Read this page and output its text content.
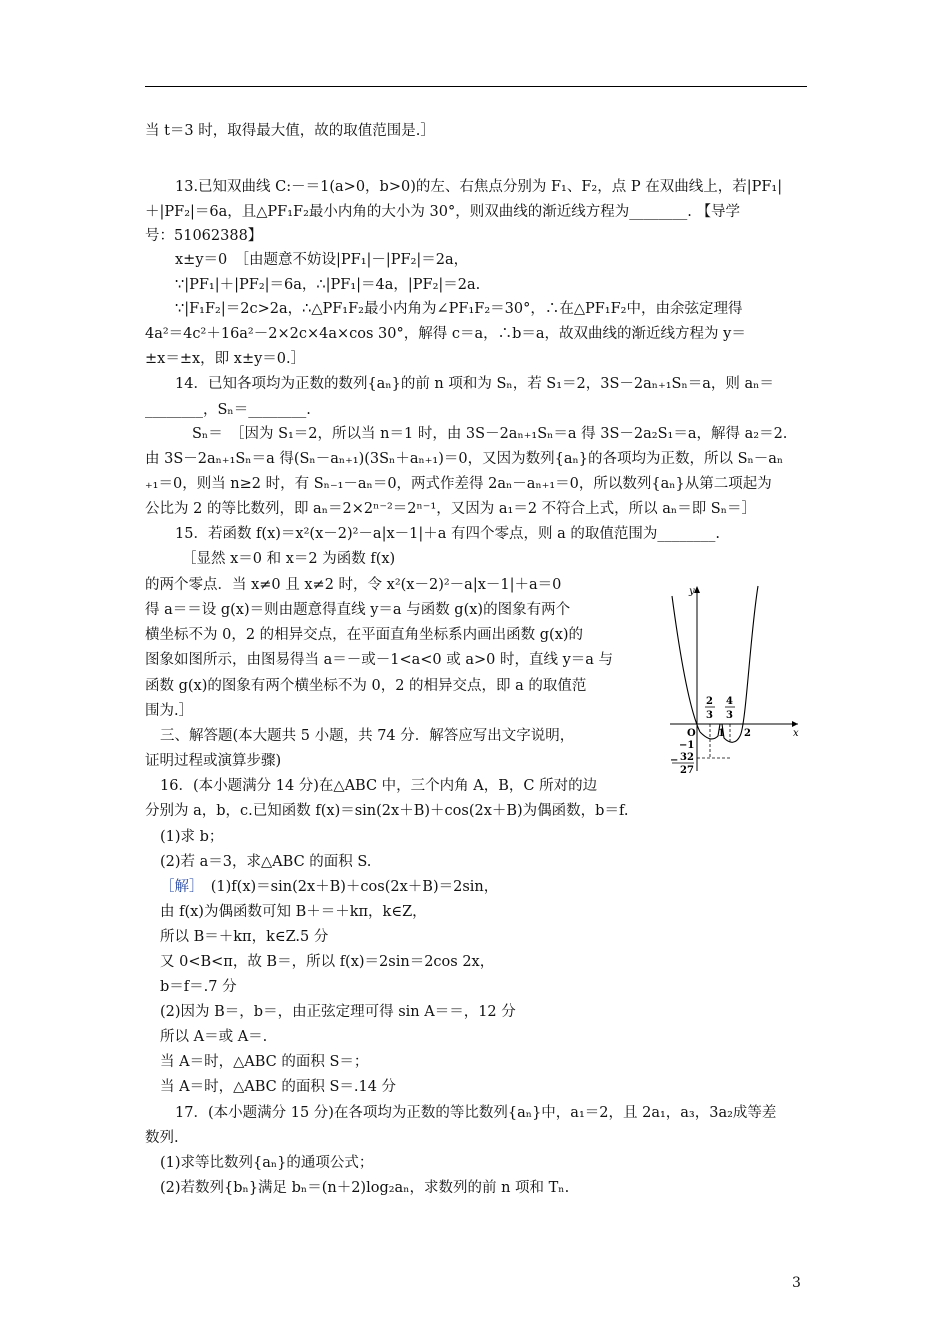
当 t＝3 时，取得最大值，故的取值范围是.］
13.已知双曲线 C:－＝1(a>0，b>0)的左、右焦点分别为 F₁、F₂，点 P 在双曲线上，若|PF₁|
＋|PF₂|＝6a，且△PF₁F₂最小内角的大小为 30°，则双曲线的渐近线方程为________. 【导学
号：51062388】
x±y＝0　［由题意不妨设|PF₁|－|PF₂|＝2a，
∵|PF₁|＋|PF₂|＝6a，∴|PF₁|＝4a，|PF₂|＝2a.
∵|F₁F₂|＝2c>2a，∴△PF₁F₂最小内角为∠PF₁F₂＝30°，∴在△PF₁F₂中，由余弦定理得
4a²＝4c²＋16a²－2×2c×4a×cos 30°，解得 c＝a，∴b＝a，故双曲线的渐近线方程为 y＝
±x＝±x，即 x±y＝0.］
14．已知各项均为正数的数列{aₙ}的前 n 项和为 Sₙ，若 S₁＝2，3S－2aₙ₊₁Sₙ＝a，则 aₙ＝
________，Sₙ＝________.
Sₙ＝　［因为 S₁＝2，所以当 n＝1 时，由 3S－2aₙ₊₁Sₙ＝a 得 3S－2a₂S₁＝a，解得 a₂＝2.
由 3S－2aₙ₊₁Sₙ＝a 得(Sₙ－aₙ₊₁)(3Sₙ＋aₙ₊₁)＝0，又因为数列{aₙ}的各项均为正数，所以 Sₙ－aₙ
₊₁＝0，则当 n≥2 时，有 Sₙ₋₁－aₙ＝0，两式作差得 2aₙ－aₙ₊₁＝0，所以数列{aₙ}从第二项起为
公比为 2 的等比数列，即 aₙ＝2×2ⁿ⁻²＝2ⁿ⁻¹，又因为 a₁＝2 不符合上式，所以 aₙ＝即 Sₙ＝］
15．若函数 f(x)＝x²(x－2)²－a|x－1|＋a 有四个零点，则 a 的取值范围为________.
［显然 x＝0 和 x＝2 为函数 f(x)
的两个零点．当 x≠0 且 x≠2 时，令 x²(x－2)²－a|x－1|＋a＝0
得 a＝＝设 g(x)＝则由题意得直线 y＝a 与函数 g(x)的图象有两个
横坐标不为 0，2 的相异交点，在平面直角坐标系内画出函数 g(x)的
图象如图所示，由图易得当 a＝－或－1<a<0 或 a>0 时，直线 y＝a 与
函数 g(x)的图象有两个横坐标不为 0，2 的相异交点，即 a 的取值范
围为.］
三、解答题(本大题共 5 小题，共 74 分．解答应写出文字说明，
证明过程或演算步骤)
16．(本小题满分 14 分)在△ABC 中，三个内角 A，B，C 所对的边
分别为 a，b，c.已知函数 f(x)＝sin(2x＋B)＋cos(2x＋B)为偶函数，b＝f.
(1)求 b；
(2)若 a＝3，求△ABC 的面积 S.
［解］　 (1)f(x)＝sin(2x＋B)＋cos(2x＋B)＝2sin，
由 f(x)为偶函数可知 B＋＝＋kπ，k∈Z，
所以 B＝＋kπ，k∈Z.5 分
又 0<B<π，故 B＝，所以 f(x)＝2sin＝2cos 2x，
b＝f＝.7 分
(2)因为 B＝，b＝，由正弦定理可得 sin A＝＝，12 分
所以 A＝或 A＝.
当 A＝时，△ABC 的面积 S＝；
当 A＝时，△ABC 的面积 S＝.14 分
17．(本小题满分 15 分)在各项均为正数的等比数列{aₙ}中，a₁＝2，且 2a₁，a₃，3a₂成等差
数列.
(1)求等比数列{aₙ}的通项公式；
(2)若数列{bₙ}满足 bₙ＝(n＋2)log₂aₙ，求数列的前 n 项和 Tₙ.
y
x
O
2
3
4
3
1 2
−1
32
27
−
3
